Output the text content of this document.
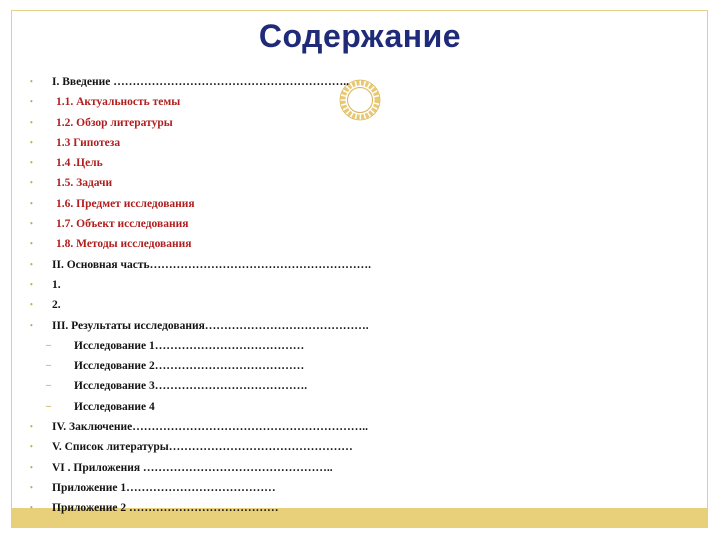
Содержание
•	I. Введение ……………………………………………………..
•	1.1. Актуальность темы
•	1.2. Обзор литературы
•	1.3 Гипотеза
•	1.4 .Цель
•	1.5. Задачи
•	1.6. Предмет исследования
•	1.7. Объект исследования
•	1.8. Методы исследования
•	II. Основная часть………………………………………………….
•	1.
•	2.
•	III. Результаты исследования…………………………………….
–	Исследование 1…………………………………
–	Исследование 2…………………………………
–	Исследование 3………………………………….
–	Исследование 4
•	IV. Заключение……………………………………………………..
•	V. Список литературы…………………………………………
•	VI . Приложения …………………………………………..
•	Приложение 1…………………………………
•	Приложение 2 …………………………………
